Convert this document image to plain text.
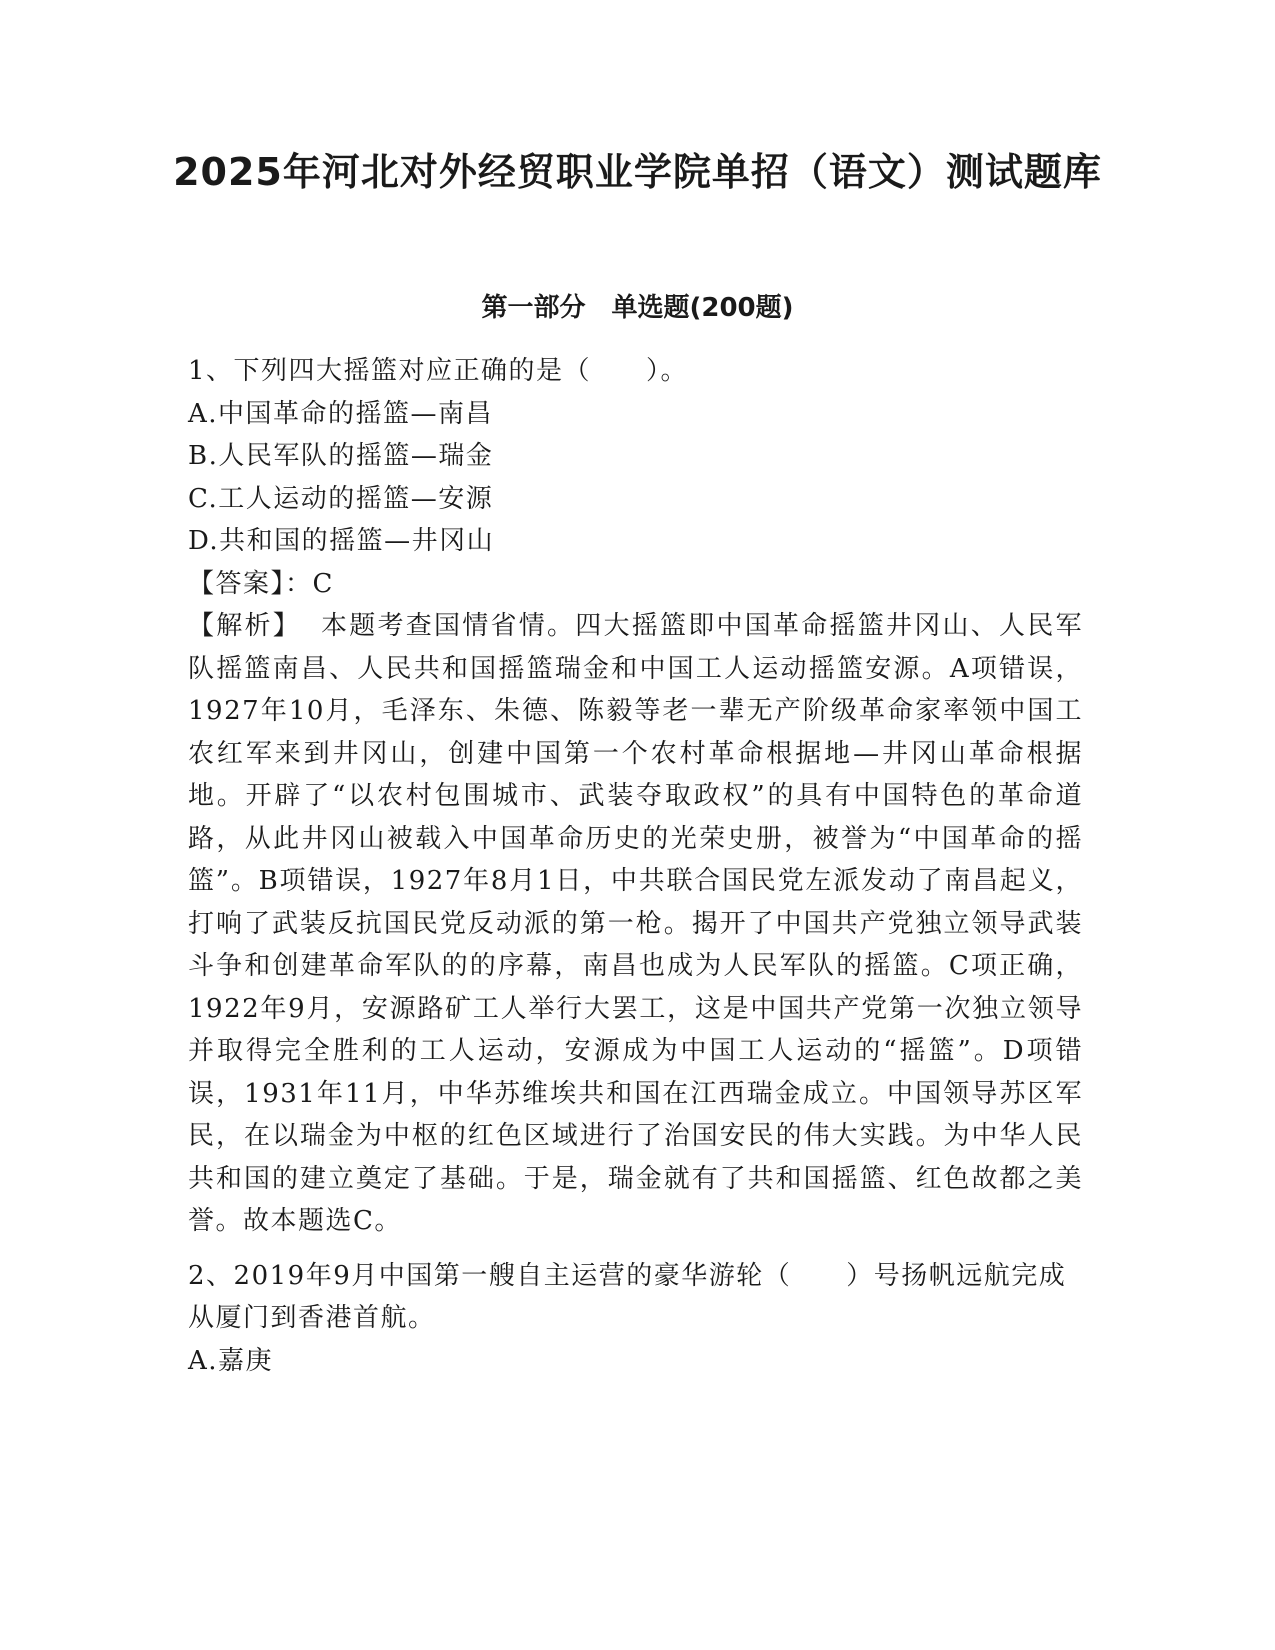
2025年河北对外经贸职业学院单招（语文）测试题库
第一部分　单选题(200题)

1、下列四大摇篮对应正确的是（　　）。

A.中国革命的摇篮—南昌

B.人民军队的摇篮—瑞金

C.工人运动的摇篮—安源

D.共和国的摇篮—井冈山

【答案】：C

【解析】 本题考查国情省情。四大摇篮即中国革命摇篮井冈山、人民军队摇篮南昌、人民共和国摇篮瑞金和中国工人运动摇篮安源。A项错误，1927年10月，毛泽东、朱德、陈毅等老一辈无产阶级革命家率领中国工农红军来到井冈山，创建中国第一个农村革命根据地—井冈山革命根据地。开辟了“以农村包围城市、武装夺取政权”的具有中国特色的革命道路，从此井冈山被载入中国革命历史的光荣史册，被誉为“中国革命的摇篮”。B项错误，1927年8月1日，中共联合国民党左派发动了南昌起义，打响了武装反抗国民党反动派的第一枪。揭开了中国共产党独立领导武装斗争和创建革命军队的的序幕，南昌也成为人民军队的摇篮。C项正确，1922年9月，安源路矿工人举行大罢工，这是中国共产党第一次独立领导并取得完全胜利的工人运动，安源成为中国工人运动的“摇篮”。D项错误，1931年11月，中华苏维埃共和国在江西瑞金成立。中国领导苏区军民，在以瑞金为中枢的红色区域进行了治国安民的伟大实践。为中华人民共和国的建立奠定了基础。于是，瑞金就有了共和国摇篮、红色故都之美誉。故本题选C。

2、2019年9月中国第一艘自主运营的豪华游轮（　　）号扬帆远航完成从厦门到香港首航。

A.嘉庚
